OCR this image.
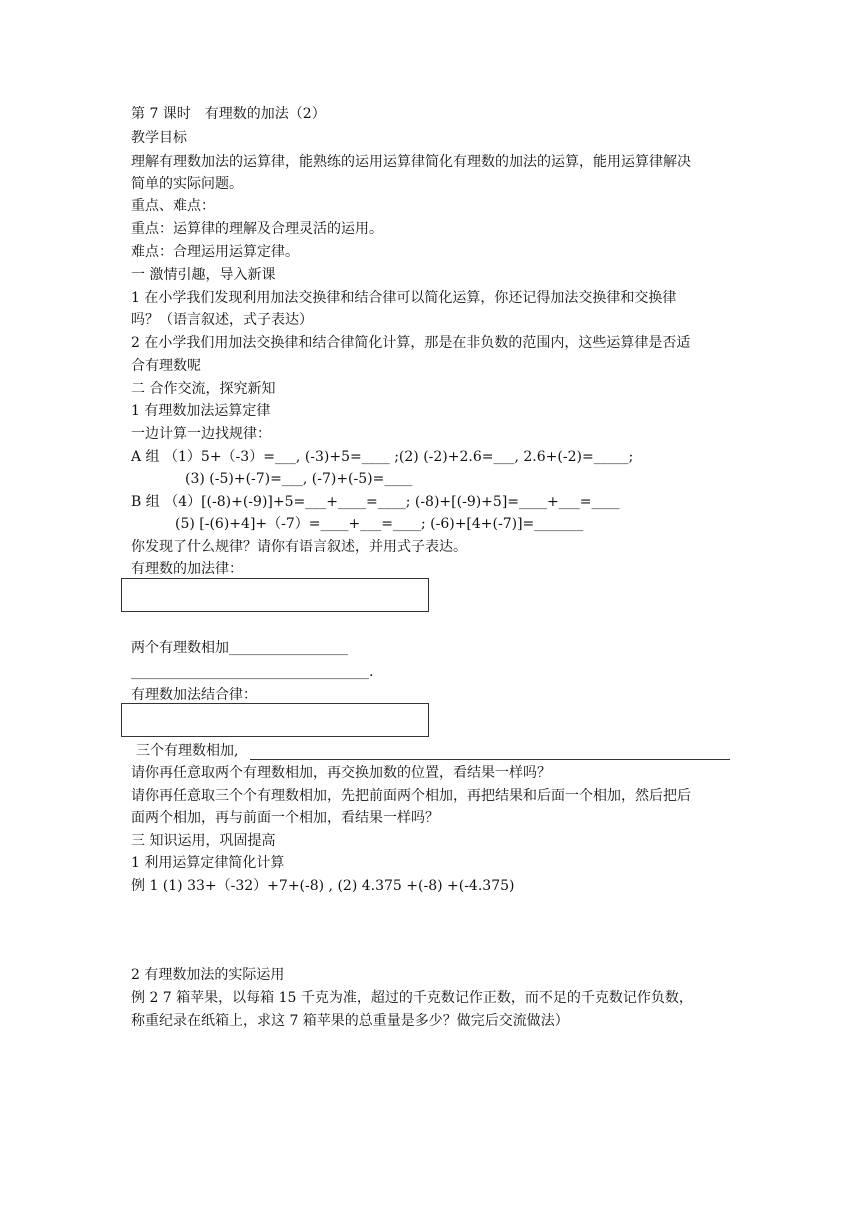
第 7 课时　有理数的加法（2）
教学目标
理解有理数加法的运算律，能熟练的运用运算律简化有理数的加法的运算，能用运算律解决
简单的实际问题。
重点、难点：
重点：运算律的理解及合理灵活的运用。
难点：合理运用运算定律。
一 激情引趣，导入新课
1 在小学我们发现利用加法交换律和结合律可以简化运算，你还记得加法交换律和交换律
吗？（语言叙述，式子表达）
2 在小学我们用加法交换律和结合律简化计算，那是在非负数的范围内，这些运算律是否适
合有理数呢
二 合作交流，探究新知
1 有理数加法运算定律
一边计算一边找规律：
A 组 （1）5+（-3）=___, (-3)+5=____ ;(2) (-2)+2.6=___, 2.6+(-2)=_____;
(3) (-5)+(-7)=___, (-7)+(-5)=____
B 组 （4）[(-8)+(-9)]+5=___+____=____; (-8)+[(-9)+5]=____+___=____
(5) [-(6)+4]+（-7）=____+___=____; (-6)+[4+(-7)]=_______
你发现了什么规律？请你有语言叙述，并用式子表达。
有理数的加法律：
两个有理数相加_________________
__________________________________.
有理数加法结合律：
三个有理数相加,
请你再任意取两个有理数相加，再交换加数的位置，看结果一样吗？
请你再任意取三个个有理数相加，先把前面两个相加，再把结果和后面一个相加，然后把后
面两个相加，再与前面一个相加，看结果一样吗？
三 知识运用，巩固提高
1 利用运算定律简化计算
例 1 (1) 33+（-32）+7+(-8) , (2) 4.375 +(-8) +(-4.375)
2 有理数加法的实际运用
例 2 7 箱苹果，以每箱 15 千克为准，超过的千克数记作正数，而不足的千克数记作负数，
称重纪录在纸箱上，求这 7 箱苹果的总重量是多少？做完后交流做法）
